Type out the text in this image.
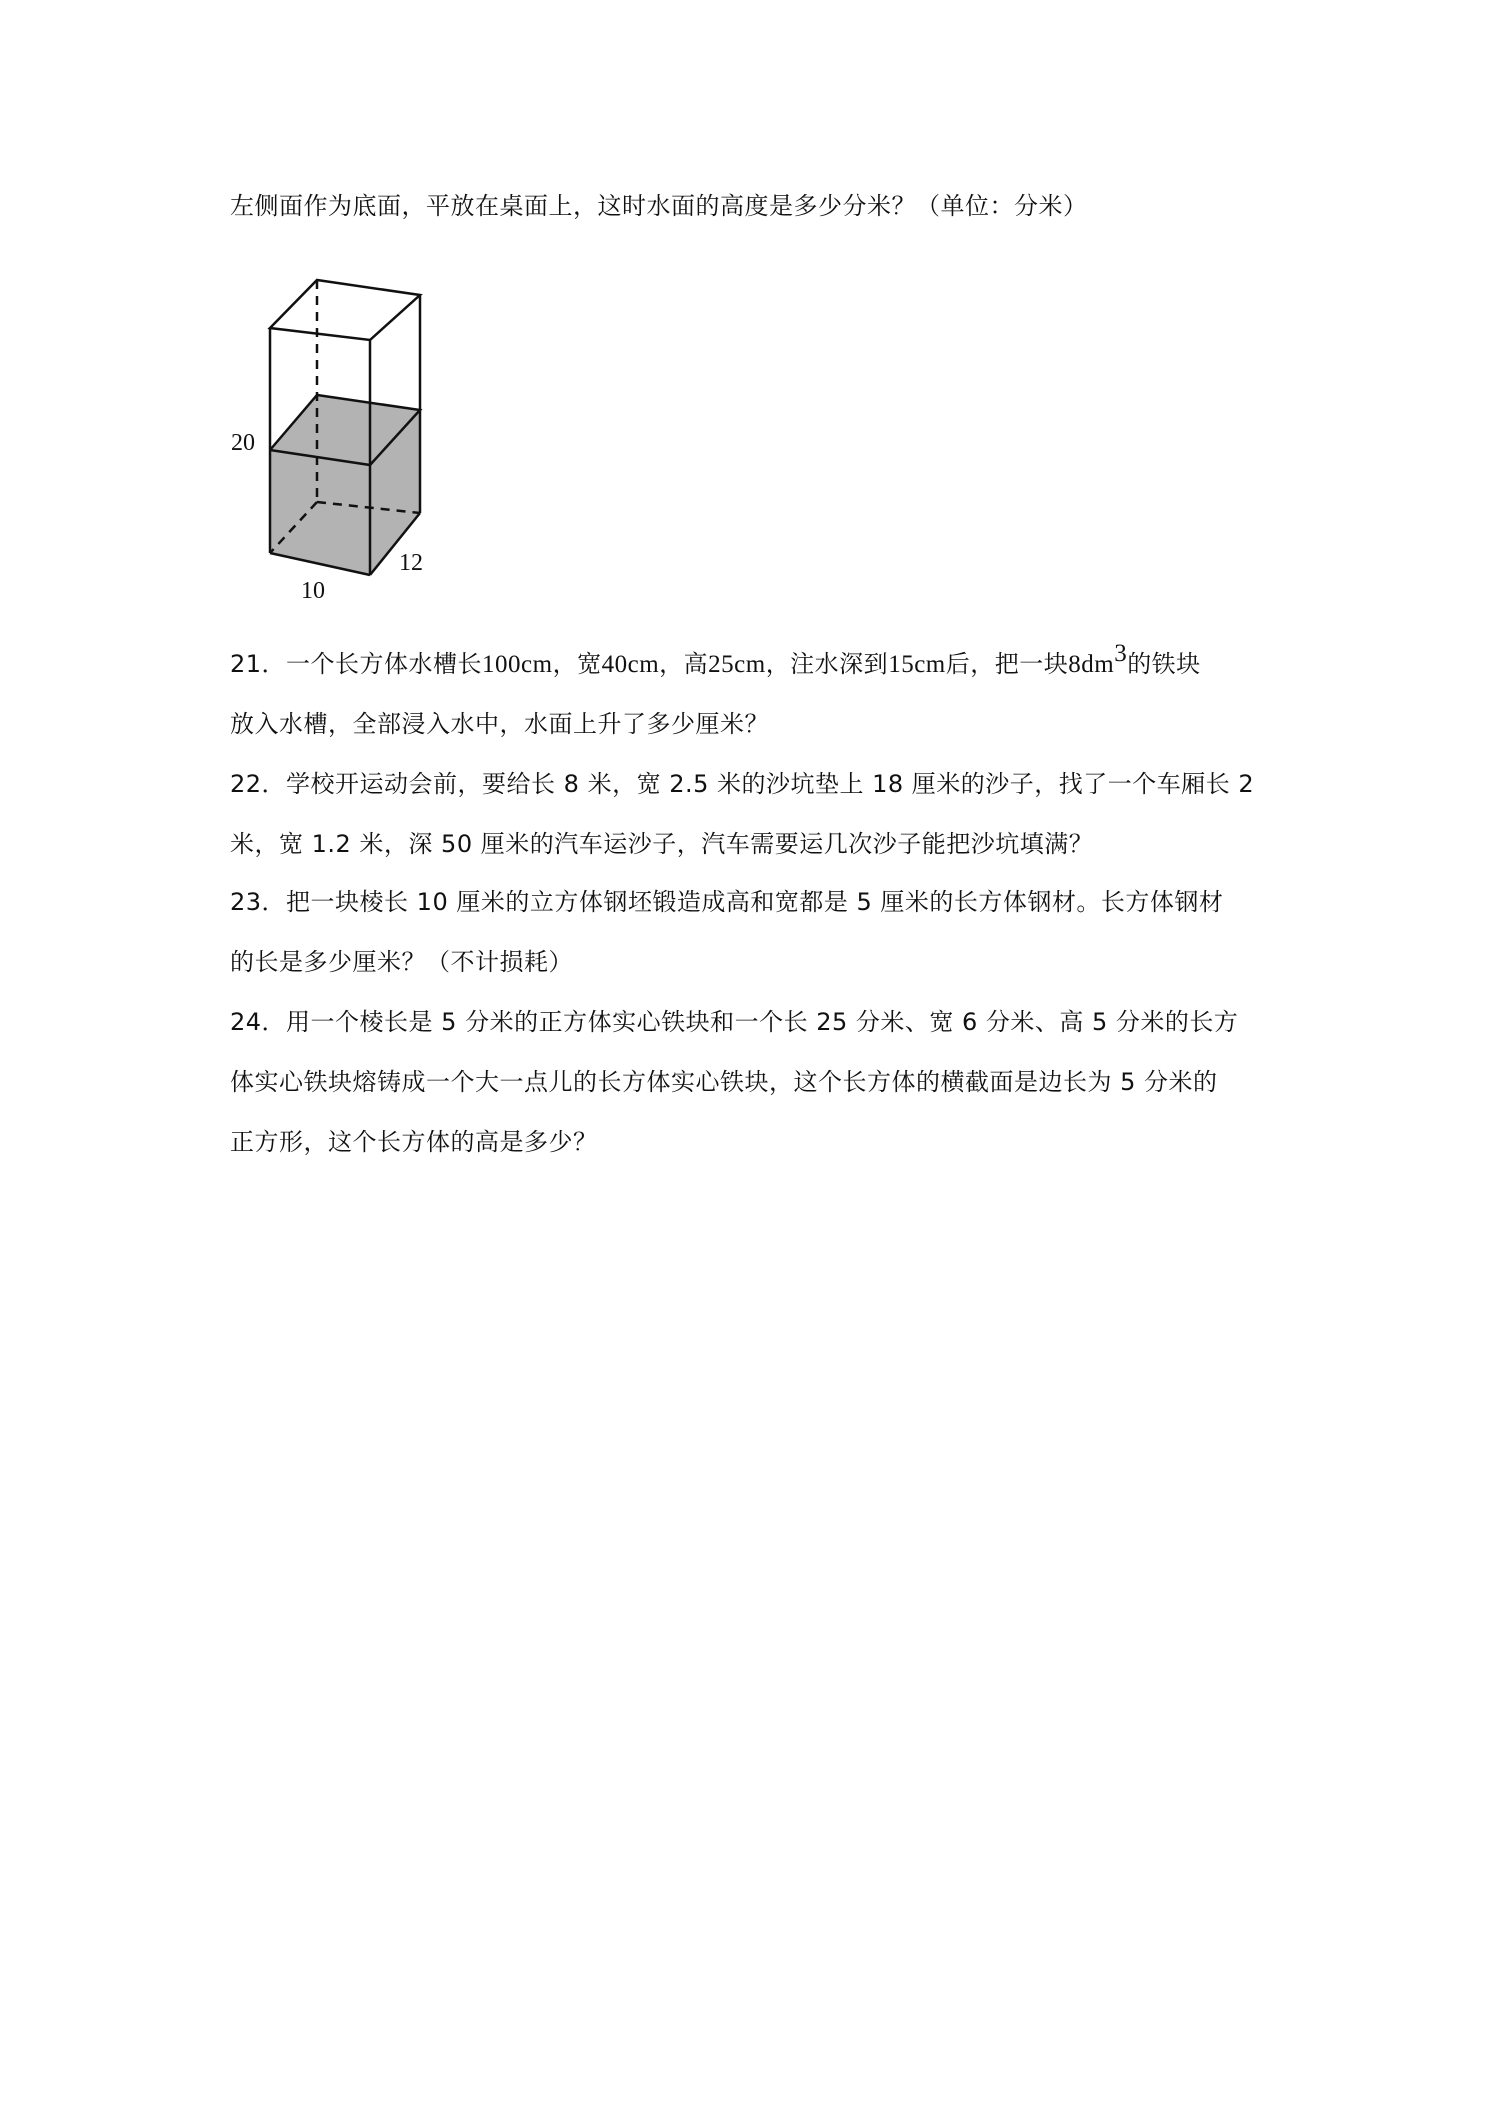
左侧面作为底面，平放在桌面上，这时水面的高度是多少分米？（单位：分米）
20
10
12
21．一个长方体水槽长100cm，宽40cm，高25cm，注水深到15cm后，把一块$8dm^3$的铁块
放入水槽，全部浸入水中，水面上升了多少厘米？
22．学校开运动会前，要给长 8 米，宽 2.5 米的沙坑垫上 18 厘米的沙子，找了一个车厢长 2
米，宽 1.2 米，深 50 厘米的汽车运沙子，汽车需要运几次沙子能把沙坑填满？
23．把一块棱长 10 厘米的立方体钢坯锻造成高和宽都是 5 厘米的长方体钢材。长方体钢材
的长是多少厘米？（不计损耗）
24．用一个棱长是 5 分米的正方体实心铁块和一个长 25 分米、宽 6 分米、高 5 分米的长方
体实心铁块熔铸成一个大一点儿的长方体实心铁块，这个长方体的横截面是边长为 5 分米的
正方形，这个长方体的高是多少？
